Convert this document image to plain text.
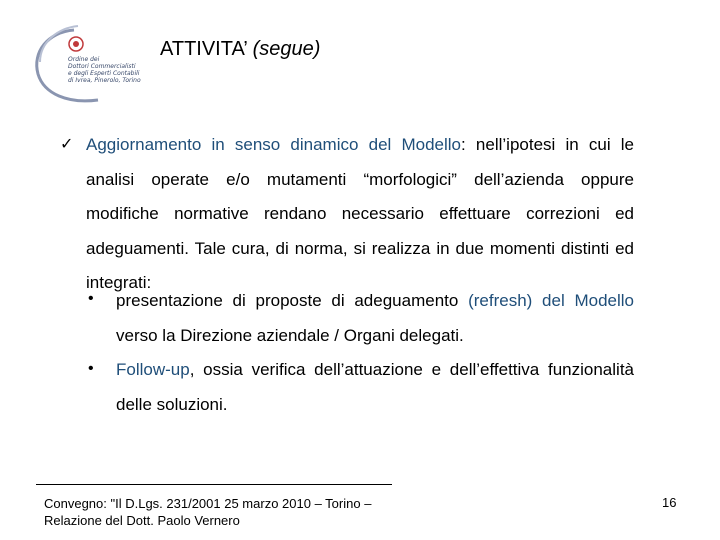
Ordine dei
Dottori Commercialisti
e degli Esperti Contabili
di Ivrea, Pinerolo, Torino
ATTIVITA’ (segue)
✓ Aggiornamento in senso dinamico del Modello: nell’ipotesi in cui le analisi operate e/o mutamenti “morfologici” dell’azienda oppure modifiche normative rendano necessario effettuare correzioni ed adeguamenti. Tale cura, di norma, si realizza in due momenti distinti ed integrati:
• presentazione di proposte di adeguamento (refresh) del Modello verso la Direzione aziendale / Organi delegati.
• Follow-up, ossia verifica dell’attuazione e dell’effettiva funzionalità delle soluzioni.
Convegno: "Il D.Lgs. 231/2001 25 marzo 2010 – Torino –
Relazione del Dott. Paolo Vernero
16
